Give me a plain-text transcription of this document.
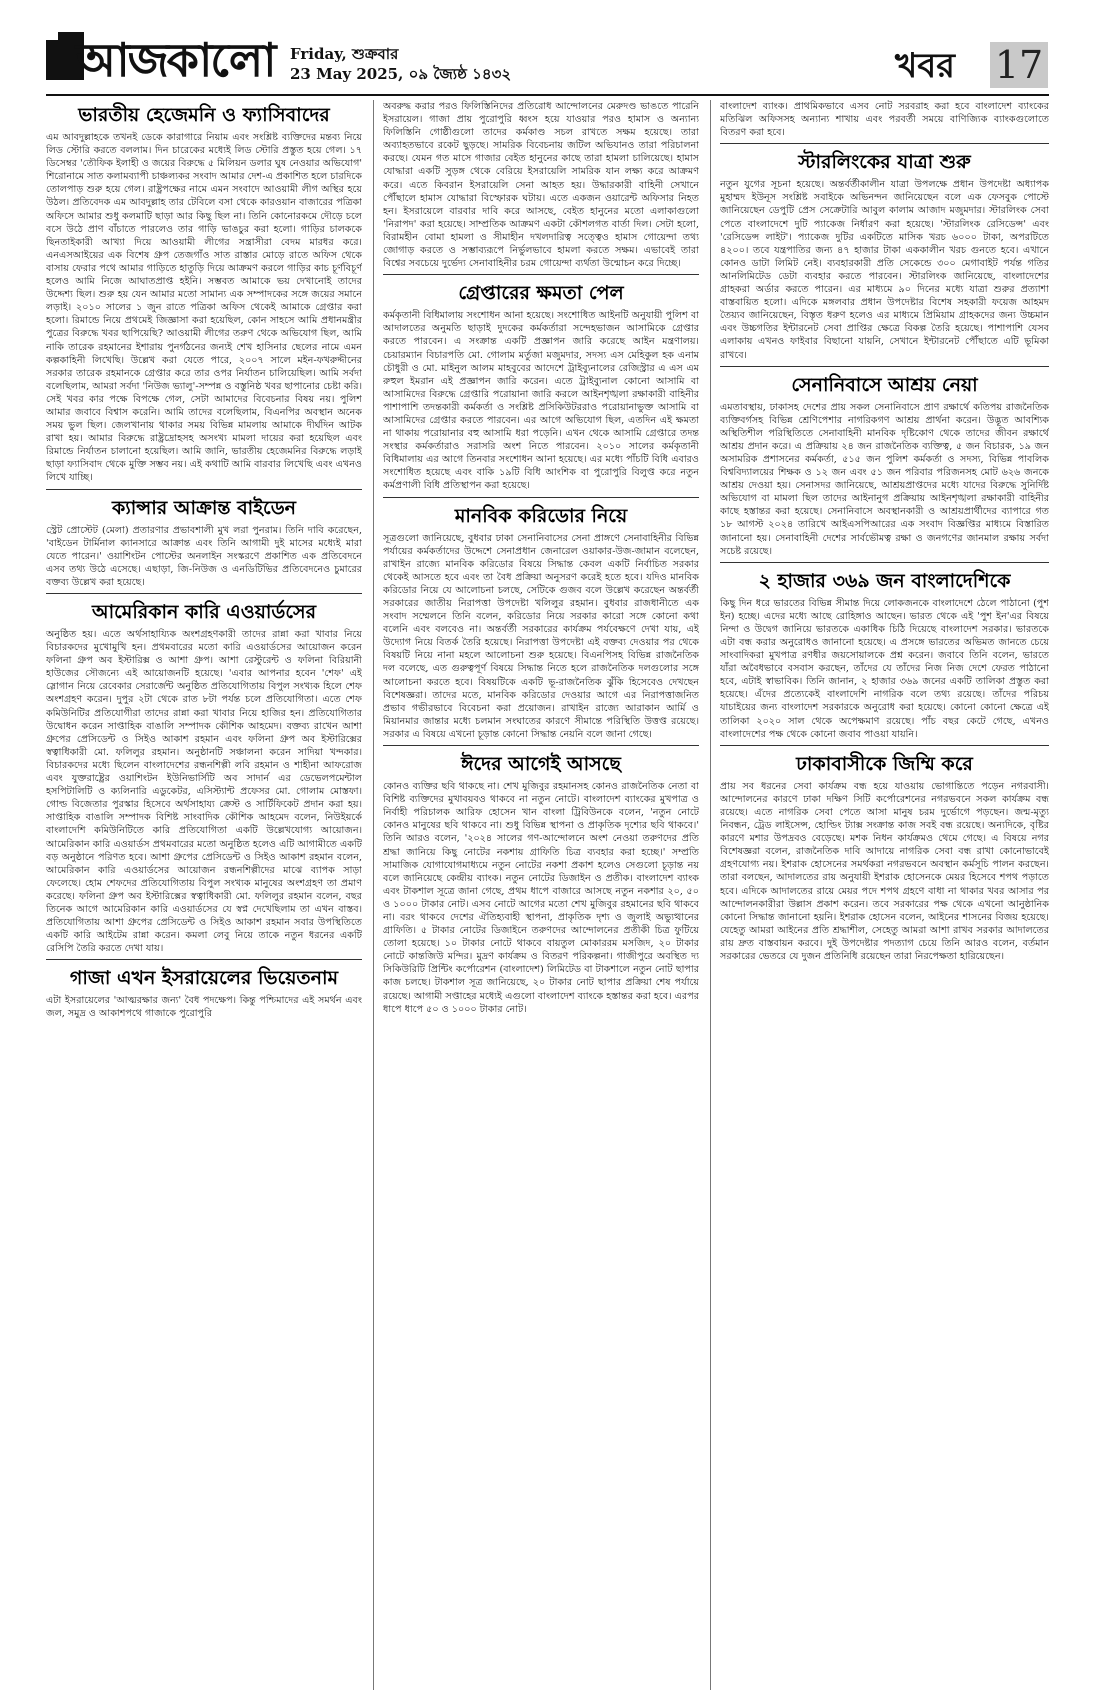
আজকালো Friday, শুক্রবার
23 May 2025, ০৯ জ্যৈষ্ঠ ১৪৩২	খবর 17
ভারতীয় হেজেমনি ও ফ্যাসিবাদের
এম আবদুল্লাহকে তখনই ডেকে কারাগারে নিয়াম এবং সংশ্লিষ্ট ব্যক্তিদের মন্তব্য নিয়ে লিড স্টোরি করতে বললাম। দিন চারেকের মধ্যেই লিড স্টোরি প্রস্তুত হয়ে গেল। ১৭ ডিসেম্বর 'তৌফিক ইলাহী ও জয়ের বিরুদ্ধে ৫ মিলিয়ন ডলার ঘুষ নেওয়ার অভিযোগ' শিরোনামে সাত কলামব্যাপী চাঞ্চল্যকর সংবাদ আমার দেশ-এ প্রকাশিত হলে চারদিকে তোলপাড় শুরু হয়ে গেল। রাষ্ট্রপক্ষের নামে এমন সংবাদে আওয়ামী লীগ অস্থির হয়ে উঠল। প্রতিবেদক এম আবদুল্লাহ তার টেবিলে বসা থেকে কারওয়ান বাজারের পত্রিকা অফিসে আমার শুধু কলমাটি ছাড়া আর কিছু ছিল না। তিনি কোনোরকমে দৌড়ে চলে বসে উঠে প্রাণ বাঁচাতে পারলেও তার গাড়ি ভাঙচুর করা হলো। গাড়ির চালককে ছিনতাইকারী আখ্যা দিয়ে আওয়ামী লীগের সন্ত্রাসীরা বেদম মারধর করে। এনএসআইয়ের এক বিশেষ গ্রুপ তেজগাঁও সাত রাস্তার মোড়ে রাতে অফিস থেকে বাসায় ফেরার পথে আমার গাড়িতে হাতুড়ি দিয়ে আক্রমণ করলে গাড়ির কাচ চূর্ণবিচূর্ণ হলেও আমি নিজে আঘাতপ্রাপ্ত হইনি। সম্ভবত আমাকে ভয় দেখানোই তাদের উদ্দেশ্য ছিল। শুরু হয় যেন আমার মতো সামান্য এক সম্পাদকের সঙ্গে জয়ের সমানে লড়াই। ২০১০ সালের ১ জুন রাতে পত্রিকা অফিস থেকেই আমাকে গ্রেপ্তার করা হলো। রিমান্ডে নিয়ে প্রথমেই জিজ্ঞাসা করা হয়েছিল, কোন সাহসে আমি প্রধানমন্ত্রীর পুত্রের বিরুদ্ধে খবর ছাপিয়েছি? আওয়ামী লীগের তরুণ থেকে অভিযোগ ছিল, আমি নাকি তারেক রহমানের ইশারায় পুনর্গঠনের জন্যই শেখ হাসিনার ছেলের নামে এমন কল্পকাহিনী লিখেছি। উল্লেখ করা যেতে পারে, ২০০৭ সালে মইন-ফখরুদ্দীনের সরকার তারেক রহমানকে গ্রেপ্তার করে তার ওপর নির্যাতন চালিয়েছিল। আমি সর্বদা বলেছিলাম, আমরা সর্বদা 'নিউজ ভ্যালু'-সম্পন্ন ও বস্তুনিষ্ঠ খবর ছাপানোর চেষ্টা করি। সেই খবর কার পক্ষে বিপক্ষে গেল, সেটা আমাদের বিবেচনার বিষয় নয়। পুলিশ আমার জবাবে বিশ্বাস করেনি। আমি তাদের বলেছিলাম, বিএনপির অবস্থান অনেক সময় ভুল ছিল। জেলখানায় থাকার সময় বিভিন্ন মামলায় আমাকে দীর্ঘদিন আটক রাখা হয়। আমার বিরুদ্ধে রাষ্ট্রদ্রোহসহ অসংখ্য মামলা দায়ের করা হয়েছিল এবং রিমান্ডে নির্যাতন চালানো হয়েছিল। আমি জানি, ভারতীয় হেজেমনির বিরুদ্ধে লড়াই ছাড়া ফ্যাসিবাদ থেকে মুক্তি সম্ভব নয়। এই কথাটি আমি বারবার লিখেছি এবং এখনও লিখে যাচ্ছি।
ক্যান্সার আক্রান্ত বাইডেন
স্ট্রেট প্রোস্টেট (মেলা) প্রতারণার প্রভাবশালী মুখ লরা পুনরাম। তিনি দাবি করেছেন, 'বাইডেন টার্মিনাল ক্যানসারে আক্রান্ত এবং তিনি আগামী দুই মাসের মধ্যেই মারা যেতে পারেন।' ওয়াশিংটন পোস্টের অনলাইন সংস্করণে প্রকাশিত এক প্রতিবেদনে এসব তথ্য উঠে এসেছে। এছাড়া, জি-নিউজ ও এনডিটিভির প্রতিবেদনেও চুমারের বক্তব্য উল্লেখ করা হয়েছে।
আমেরিকান কারি এওয়ার্ডসের
অনুষ্ঠিত হয়। এতে অর্থসাহায্যিক অংশগ্রহণকারী তাদের রান্না করা খাবার নিয়ে বিচারকদের মুখোমুখি হন। প্রথমবারের মতো কারি এওয়ার্ডসের আয়োজন করেন ফলিনা গ্রুপ অব ইস্টারিক্স ও আশা গ্রুপ। আশা রেস্টুরেন্ট ও ফলিনা বিরিয়ানী হাউজের সৌজন্যে এই আয়োজনটি হয়েছে। 'এবার আপনার হবেন 'শেফ' এই স্লোগান নিয়ে রেবেকার সেরার্জেন্ট অনুষ্ঠিত প্রতিযোগিতায় বিপুল সংখ্যক হিলে শেফ অংশগ্রহণ করেন। দুপুর ২টা থেকে রাত ৮টা পর্যন্ত চলে প্রতিযোগিতা। এতে শেফ কমিউনিটির প্রতিযোগীরা তাদের রান্না করা খাবার নিয়ে হাজির হন। প্রতিযোগিতার উদ্বোধন করেন সাপ্তাহিক বাঙালি সম্পাদক কৌশিক আহমেদ। বক্তব্য রাখেন আশা গ্রুপের প্রেসিডেন্ট ও সিইও আকাশ রহমান এবং ফলিনা গ্রুপ অব ইস্টারিক্সের স্বত্বাধিকারী মো. ফলিলুর রহমান। অনুষ্ঠানটি সঞ্চালনা করেন সাদিয়া খন্দকার। বিচারকদের মধ্যে ছিলেন বাংলাদেশের রন্ধনশিল্পী লবি রহমান ও শাহীনা আফরোজ এবং যুক্তরাষ্ট্রের ওয়াশিংটন ইউনিভার্সিটি অব সাদার্ন এর ডেভেলপমেন্টাল হসপিটালিটি ও ক্যলিনারি এডুকেটর, এসিস্ট্যান্ট প্রফেসর মো. গোলাম মোস্তফা। গোল্ড বিজেতার পুরস্কার হিসেবে অর্থসাহায্য ক্রেস্ট ও সার্টিফিকেট প্রদান করা হয়। সাপ্তাহিক বাঙালি সম্পাদক বিশিষ্ট সাংবাদিক কৌশিক আহমেদ বলেন, নিউইয়র্কে বাংলাদেশি কমিউনিটিতে কারি প্রতিযোগিতা একটি উল্লেখযোগ্য আয়োজন। আমেরিকান কারি এওয়ার্ডস প্রথমবারের মতো অনুষ্ঠিত হলেও এটি আগামীতে একটি বড় অনুষ্ঠানে পরিণত হবে। আশা গ্রুপের প্রেসিডেন্ট ও সিইও আকাশ রহমান বলেন, আমেরিকান কারি এওয়ার্ডসের আয়োজন রন্ধনশিল্পীদের মাঝে ব্যাপক সাড়া ফেলেছে। হোম শেফদের প্রতিযোগিতায় বিপুল সংখ্যক মানুষের অংশগ্রহণ তা প্রমাণ করেছে। ফলিনা গ্রুপ অব ইস্টারিক্সের স্বত্বাধিকারী মো. ফলিলুর রহমান বলেন, বছর তিনেক আগে আমেরিকান কারি এওয়ার্ডসের যে স্বপ্ন দেখেছিলাম তা এখন বাস্তব। প্রতিযোগিতায় আশা গ্রুপের প্রেসিডেন্ট ও সিইও আকাশ রহমান সবার উপস্থিতিতে একটি কারি আইটেম রান্না করেন। কমলা লেবু নিয়ে তাকে নতুন ধরনের একটি রেসিপি তৈরি করতে দেখা যায়।
গাজা এখন ইসরায়েলের ভিয়েতনাম
এটা ইসরায়েলের 'আত্মরক্ষার জন্য' বৈধ পদক্ষেপ। কিন্তু পশ্চিমাদের এই সমর্থন এবং জল, সমুদ্র ও আকাশপথে গাজাকে পুরোপুরি
অবরুদ্ধ করার পরও ফিলিস্তিনিদের প্রতিরোধ আন্দোলনের মেরুদণ্ড ভাঙতে পারেনি ইসরায়েল। গাজা প্রায় পুরোপুরি ধ্বংস হয়ে যাওয়ার পরও হামাস ও অন্যান্য ফিলিস্তিনি গোষ্ঠীগুলো তাদের কর্মকাণ্ড সচল রাখতে সক্ষম হয়েছে। তারা অব্যাহতভাবে রকেট ছুড়ছে। সামরিক বিবেচনায় জটিল অভিযানও তারা পরিচালনা করছে। যেমন গত মাসে গাজার বেইত হানুনের কাছে তারা হামলা চালিয়েছে। হামাস যোদ্ধারা একটি সুড়ঙ্গ থেকে বেরিয়ে ইসরায়েলি সামরিক যান লক্ষ্য করে আক্রমণ করে। এতে কিবরান ইসরায়েলি সেনা আহত হয়। উদ্ধারকারী বাহিনী সেখানে পৌঁছালে হামাস যোদ্ধারা বিস্ফোরক ঘটায়। এতে একজন ওয়ারেন্ট অফিসার নিহত হন। ইসরায়েলে বারবার দাবি করে আসছে, বেইত হানুনের মতো এলাকাগুলো 'নিরাপদ' করা হয়েছে। সাম্প্রতিক আক্রমণ একটা কৌশলগত বার্তা দিল। সেটা হলো, বিরামহীন বোমা হামলা ও সীমাহীন দখলদারিত্ব সত্ত্বেও হামাস গোয়েন্দা তথ্য জোগাড় করতে ও সম্ভাব্যরূপে নির্ভুলভাবে হামলা করতে সক্ষম। এভাবেই তারা বিশ্বের সবচেয়ে দুর্ভেদ্য সেনাবাহিনীর চরম গোয়েন্দা ব্যর্থতা উন্মোচন করে দিচ্ছে।
গ্রেপ্তারের ক্ষমতা পেল
কর্মকৃতানী বিধিমালায় সংশোধন আনা হয়েছে। সংশোধিত আইনটি অনুযায়ী পুলিশ বা আদালতের অনুমতি ছাড়াই দুদকের কর্মকর্তারা সন্দেহভাজন আসামিকে গ্রেপ্তার করতে পারবেন। এ সংক্রান্ত একটি প্রজ্ঞাপন জারি করেছে আইন মন্ত্রণালয়। চেয়ারম্যান বিচারপতি মো. গোলাম মর্তুজা মজুমদার, সদস্য এস মেহিকুল হক এনাম চৌধুরী ও মো. মাইনুল আলম মাহবুবের আদেশে ট্রাইব্যুনালের রেজিস্ট্রার এ এস এম রুহুল ইমরান এই প্রজ্ঞাপন জারি করেন। এতে ট্রাইব্যুনাল কোনো আসামি বা আসামিদের বিরুদ্ধে গ্রেপ্তারি পরোয়ানা জারি করলে আইনশৃঙ্খলা রক্ষাকারী বাহিনীর পাশাপাশি তদন্তকারী কর্মকর্তা ও সংশ্লিষ্ট প্রসিকিউটররাও পরোয়ানাভুক্ত আসামি বা আসামিদের গ্রেপ্তার করতে পারবেন। এর আগে অভিযোগ ছিল, এতদিন এই ক্ষমতা না থাকায় পরোয়ানার বহু আসামি ধরা পড়েনি। এখন থেকে আসামি গ্রেপ্তারে তদন্ত সংস্থার কর্মকর্তারাও সরাসরি অংশ নিতে পারবেন। ২০১০ সালের কর্মকৃতানী বিধিমালায় এর আগে তিনবার সংশোধন আনা হয়েছে। এর মধ্যে পাঁচটি বিধি এবারও সংশোধিত হয়েছে এবং বাকি ১৯টি বিধি আংশিক বা পুরোপুরি বিলুপ্ত করে নতুন কর্মপ্রণালী বিধি প্রতিস্থাপন করা হয়েছে।
মানবিক করিডোর নিয়ে
সূত্রগুলো জানিয়েছে, বুধবার ঢাকা সেনানিবাসের সেনা প্রাঙ্গণে সেনাবাহিনীর বিভিন্ন পর্যায়ের কর্মকর্তাদের উদ্দেশে সেনাপ্রধান জেনারেল ওয়াকার-উজ-জামান বলেছেন, রাখাইন রাজ্যে মানবিক করিডোর বিষয়ে সিদ্ধান্ত কেবল একটি নির্বাচিত সরকার থেকেই আসতে হবে এবং তা বৈধ প্রক্রিয়া অনুসরণ করেই হতে হবে। যদিও মানবিক করিডোর নিয়ে যে আলোচনা চলছে, সেটিকে গুজব বলে উল্লেখ করেছেন অন্তর্বর্তী সরকারের জাতীয় নিরাপত্তা উপদেষ্টা খলিলুর রহমান। বুধবার রাজধানীতে এক সংবাদ সম্মেলনে তিনি বলেন, করিডোর নিয়ে সরকার কারো সঙ্গে কোনো কথা বলেনি এবং বলবেও না। অন্তর্বর্তী সরকারের কার্যক্রম পর্যবেক্ষণে দেখা যায়, এই উদ্যোগ নিয়ে বিতর্ক তৈরি হয়েছে। নিরাপত্তা উপদেষ্টা এই বক্তব্য দেওয়ার পর থেকে বিষয়টি নিয়ে নানা মহলে আলোচনা শুরু হয়েছে। বিএনপিসহ বিভিন্ন রাজনৈতিক দল বলেছে, এত গুরুত্বপূর্ণ বিষয়ে সিদ্ধান্ত নিতে হলে রাজনৈতিক দলগুলোর সঙ্গে আলোচনা করতে হবে। বিষয়টিকে একটি ভূ-রাজনৈতিক ঝুঁকি হিসেবেও দেখছেন বিশেষজ্ঞরা। তাদের মতে, মানবিক করিডোর দেওয়ার আগে এর নিরাপত্তাজনিত প্রভাব গভীরভাবে বিবেচনা করা প্রয়োজন। রাখাইন রাজ্যে আরাকান আর্মি ও মিয়ানমার জান্তার মধ্যে চলমান সংঘাতের কারণে সীমান্তে পরিস্থিতি উত্তপ্ত রয়েছে। সরকার এ বিষয়ে এখনো চূড়ান্ত কোনো সিদ্ধান্ত নেয়নি বলে জানা গেছে।
ঈদের আগেই আসছে
কোনও ব্যক্তির ছবি থাকছে না। শেখ মুজিবুর রহমানসহ কোনও রাজনৈতিক নেতা বা বিশিষ্ট ব্যক্তিদের মুখাবয়বও থাকবে না নতুন নোটে। বাংলাদেশ ব্যাংকের মুখপাত্র ও নির্বাহী পরিচালক আরিফ হোসেন খান বাংলা ট্রিবিউনকে বলেন, 'নতুন নোটে কোনও মানুষের ছবি থাকবে না। শুধু বিভিন্ন স্থাপনা ও প্রাকৃতিক দৃশ্যের ছবি থাকবে।' তিনি আরও বলেন, '২০২৪ সালের গণ-আন্দোলনে অংশ নেওয়া তরুণদের প্রতি শ্রদ্ধা জানিয়ে কিছু নোটের নকশায় গ্রাফিতি চিত্র ব্যবহার করা হচ্ছে।' সম্প্রতি সামাজিক যোগাযোগমাধ্যমে নতুন নোটের নকশা প্রকাশ হলেও সেগুলো চূড়ান্ত নয় বলে জানিয়েছে কেন্দ্রীয় ব্যাংক। নতুন নোটের ডিজাইন ও প্রতীক। বাংলাদেশ ব্যাংক এবং টাকশাল সূত্রে জানা গেছে, প্রথম ধাপে বাজারে আসছে নতুন নকশার ২০, ৫০ ও ১০০০ টাকার নোট। এসব নোটে আগের মতো শেখ মুজিবুর রহমানের ছবি থাকবে না। বরং থাকবে দেশের ঐতিহ্যবাহী স্থাপনা, প্রাকৃতিক দৃশ্য ও জুলাই অভ্যুত্থানের গ্রাফিতি। ৫ টাকার নোটের ডিজাইনে তরুণদের আন্দোলনের প্রতীকী চিত্র ফুটিয়ে তোলা হয়েছে। ১০ টাকার নোটে থাকবে বায়তুল মোকাররম মসজিদ, ২০ টাকার নোটে কান্তজিউ মন্দির। মুদ্রণ কার্যক্রম ও বিতরণ পরিকল্পনা। গাজীপুরে অবস্থিত দ্য সিকিউরিটি প্রিন্টিং কর্পোরেশন (বাংলাদেশ) লিমিটেড বা টাকশালে নতুন নোট ছাপার কাজ চলছে। টাকশাল সূত্র জানিয়েছে, ২০ টাকার নোট ছাপার প্রক্রিয়া শেষ পর্যায়ে রয়েছে। আগামী সপ্তাহের মধ্যেই এগুলো বাংলাদেশ ব্যাংকে হস্তান্তর করা হবে। এরপর ধাপে ধাপে ৫০ ও ১০০০ টাকার নোট।
বাংলাদেশ ব্যাংক। প্রাথমিকভাবে এসব নোট সরবরাহ করা হবে বাংলাদেশ ব্যাংকের মতিঝিল অফিসসহ অন্যান্য শাখায় এবং পরবর্তী সময়ে বাণিজ্যিক ব্যাংকগুলোতে বিতরণ করা হবে।
স্টারলিংকের যাত্রা শুরু
নতুন যুগের সূচনা হয়েছে। অন্তর্বর্তীকালীন যাত্রা উপলক্ষে প্রধান উপদেষ্টা অধ্যাপক মুহাম্মদ ইউনূস সংশ্লিষ্ট সবাইকে অভিনন্দন জানিয়েছেন বলে এক ফেসবুক পোস্টে জানিয়েছেন ডেপুটি প্রেস সেক্রেটারি আবুল কালাম আজাদ মজুমদার। স্টারলিংক সেবা পেতে বাংলাদেশে দুটি প্যাকেজ নির্ধারণ করা হয়েছে। 'স্টারলিংক রেসিডেন্স' এবং 'রেসিডেন্স লাইট'। প্যাকেজ দুটির একটিতে মাসিক খরচ ৬০০০ টাকা, অপরটিতে ৪২০০। তবে যন্ত্রপাতির জন্য ৪৭ হাজার টাকা এককালীন খরচ গুনতে হবে। এখানে কোনও ডাটা লিমিট নেই। ব্যবহারকারী প্রতি সেকেন্ডে ৩০০ মেগাবাইট পর্যন্ত গতির আনলিমিটেড ডেটা ব্যবহার করতে পারবেন। স্টারলিংক জানিয়েছে, বাংলাদেশের গ্রাহকরা অর্ডার করতে পারেন। এর মাধ্যমে ৯০ দিনের মধ্যে যাত্রা শুরুর প্রত্যাশা বাস্তবায়িত হলো। এদিকে মঙ্গলবার প্রধান উপদেষ্টার বিশেষ সহকারী ফয়েজ আহমদ তৈয়্যব জানিয়েছেন, বিস্তৃত ধরুণ হলেও এর মাধ্যমে প্রিমিয়াম গ্রাহকদের জন্য উচ্চমান এবং উচ্চগতির ইন্টারনেট সেবা প্রাপ্তির ক্ষেত্রে বিকল্প তৈরি হয়েছে। পাশাপাশি যেসব এলাকায় এখনও ফাইবার বিছানো যায়নি, সেখানে ইন্টারনেট পৌঁছাতে এটি ভূমিকা রাখবে।
সেনানিবাসে আশ্রয় নেয়া
এমতাবস্থায়, ঢাকাসহ দেশের প্রায় সকল সেনানিবাসে প্রাণ রক্ষার্থে কতিপয় রাজনৈতিক ব্যক্তিবর্গসহ বিভিন্ন শ্রেণিপেশার নাগরিকগণ আশ্রয় প্রার্থনা করেন। উদ্ভূত আবশ্যিক অস্থিতিশীল পরিস্থিতিতে সেনাবাহিনী মানবিক দৃষ্টিকোণ থেকে তাদের জীবন রক্ষার্থে আশ্রয় প্রদান করে। এ প্রক্রিয়ায় ২৪ জন রাজনৈতিক ব্যক্তিত্ব, ৫ জন বিচারক, ১৯ জন অসামরিক প্রশাসনের কর্মকর্তা, ৫১৫ জন পুলিশ কর্মকর্তা ও সদস্য, বিভিন্ন পাবলিক বিশ্ববিদ্যালয়ের শিক্ষক ও ১২ জন এবং ৫১ জন পরিবার পরিজনসহ মোট ৬২৬ জনকে আশ্রয় দেওয়া হয়। সেনাসদর জানিয়েছে, আশ্রয়প্রাপ্তদের মধ্যে যাদের বিরুদ্ধে সুনির্দিষ্ট অভিযোগ বা মামলা ছিল তাদের আইনানুগ প্রক্রিয়ায় আইনশৃঙ্খলা রক্ষাকারী বাহিনীর কাছে হস্তান্তর করা হয়েছে। সেনানিবাসে অবস্থানকারী ও আশ্রয়প্রার্থীদের ব্যাপারে গত ১৮ আগস্ট ২০২৪ তারিখে আইএসপিআরের এক সংবাদ বিজ্ঞপ্তির মাধ্যমে বিস্তারিত জানানো হয়। সেনাবাহিনী দেশের সার্বভৌমত্ব রক্ষা ও জনগণের জানমাল রক্ষায় সর্বদা সচেষ্ট রয়েছে।
২ হাজার ৩৬৯ জন বাংলাদেশিকে
কিছু দিন ধরে ভারতের বিভিন্ন সীমান্ত দিয়ে লোকজনকে বাংলাদেশে ঠেলে পাঠানো (পুশ ইন) হচ্ছে। এদের মধ্যে আছে রোহিঙ্গাও আছেন। ভারত থেকে এই 'পুশ ইন'এর বিষয়ে নিন্দা ও উদ্বেগ জানিয়ে ভারতকে একাধিক চিঠি দিয়েছে বাংলাদেশ সরকার। ভারতকে এটা বন্ধ করার অনুরোধও জানানো হয়েছে। এ প্রসঙ্গে ভারতের অভিমত জানতে চেয়ে সাংবাদিকরা মুখপাত্র রণধীর জয়সোয়ালকে প্রশ্ন করেন। জবাবে তিনি বলেন, ভারতে যাঁরা অবৈধভাবে বসবাস করছেন, তাঁদের যে তাঁদের নিজ নিজ দেশে ফেরত পাঠানো হবে, এটাই স্বাভাবিক। তিনি জানান, ২ হাজার ৩৬৯ জনের একটি তালিকা প্রস্তুত করা হয়েছে। এঁদের প্রত্যেকেই বাংলাদেশি নাগরিক বলে তথ্য রয়েছে। তাঁদের পরিচয় যাচাইয়ের জন্য বাংলাদেশ সরকারকে অনুরোধ করা হয়েছে। কোনো কোনো ক্ষেত্রে এই তালিকা ২০২০ সাল থেকে অপেক্ষমাণ রয়েছে। পাঁচ বছর কেটে গেছে, এখনও বাংলাদেশের পক্ষ থেকে কোনো জবাব পাওয়া যায়নি।
ঢাকাবাসীকে জিম্মি করে
প্রায় সব ধরনের সেবা কার্যক্রম বন্ধ হয়ে যাওয়ায় ভোগান্তিতে পড়েন নগরবাসী। আন্দোলনের কারণে ঢাকা দক্ষিণ সিটি কর্পোরেশনের নগরভবনে সকল কার্যক্রম বন্ধ রয়েছে। এতে নাগরিক সেবা পেতে আসা মানুষ চরম দুর্ভোগে পড়ছেন। জন্ম-মৃত্যু নিবন্ধন, ট্রেড লাইসেন্স, হোল্ডিং ট্যাক্স সংক্রান্ত কাজ সবই বন্ধ রয়েছে। অন্যদিকে, বৃষ্টির কারণে মশার উপদ্রবও বেড়েছে। মশক নিধন কার্যক্রমও থেমে গেছে। এ বিষয়ে নগর বিশেষজ্ঞরা বলেন, রাজনৈতিক দাবি আদায়ে নাগরিক সেবা বন্ধ রাখা কোনোভাবেই গ্রহণযোগ্য নয়। ইশরাক হোসেনের সমর্থকরা নগরভবনে অবস্থান কর্মসূচি পালন করছেন। তারা বলছেন, আদালতের রায় অনুযায়ী ইশরাক হোসেনকে মেয়র হিসেবে শপথ পড়াতে হবে। এদিকে আদালতের রায়ে মেয়র পদে শপথ গ্রহণে বাধা না থাকার খবর আসার পর আন্দোলনকারীরা উল্লাস প্রকাশ করেন। তবে সরকারের পক্ষ থেকে এখনো আনুষ্ঠানিক কোনো সিদ্ধান্ত জানানো হয়নি। ইশরাক হোসেন বলেন, আইনের শাসনের বিজয় হয়েছে। যেহেতু আমরা আইনের প্রতি শ্রদ্ধাশীল, সেহেতু আমরা আশা রাখব সরকার আদালতের রায় দ্রুত বাস্তবায়ন করবে। দুই উপদেষ্টার পদত্যাগ চেয়ে তিনি আরও বলেন, বর্তমান সরকারের ভেতরে যে দুজন প্রতিনিধি রয়েছেন তারা নিরপেক্ষতা হারিয়েছেন।
